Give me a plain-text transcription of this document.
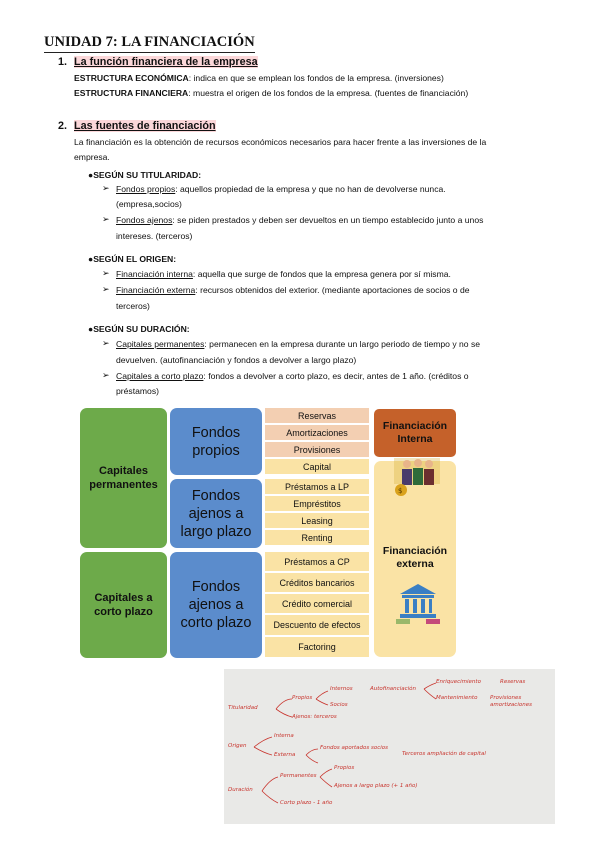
UNIDAD 7: LA FINANCIACIÓN
1. La función financiera de la empresa
ESTRUCTURA ECONÓMICA: indica en que se emplean los fondos de la empresa. (inversiones)
ESTRUCTURA FINANCIERA: muestra el origen de los fondos de la empresa. (fuentes de financiación)
2. Las fuentes de financiación
La financiación es la obtención de recursos económicos necesarios para hacer frente a las inversiones de la
empresa.
●SEGÚN SU TITULARIDAD:
➢ Fondos propios: aquellos propiedad de la empresa y que no han de devolverse nunca.
(empresa,socios)
➢ Fondos ajenos: se piden prestados y deben ser devueltos en un tiempo establecido junto a unos
intereses. (terceros)
●SEGÚN EL ORIGEN:
➢ Financiación interna: aquella que surge de fondos que la empresa genera por sí misma.
➢ Financiación externa: recursos obtenidos del exterior. (mediante aportaciones de socios o de
terceros)
●SEGÚN SU DURACIÓN:
➢ Capitales permanentes: permanecen en la empresa durante un largo periodo de tiempo y no se
devuelven. (autofinanciación y fondos a devolver a largo plazo)
➢ Capitales a corto plazo: fondos a devolver a corto plazo, es decir, antes de 1 año. (créditos o
préstamos)
Capitales permanentes
Capitales a corto plazo
Fondos propios
Fondos ajenos a largo plazo
Fondos ajenos a corto plazo
Reservas
Amortizaciones
Provisiones
Capital
Préstamos a LP
Empréstitos
Leasing
Renting
Préstamos a CP
Créditos bancarios
Crédito comercial
Descuento de efectos
Factoring
Financiación Interna
$
Financiación externa
Titularidad
Propios
Internos	Autofinanciación
Enriquecimiento	Reservas
Mantenimiento Provisiones amortizaciones
Socios
Ajenos: terceros
Origen
Interna
Externa
Fondos aportados socios
Terceros ampliación de capital
Duración
Permanentes
Propios
Ajenos a largo plazo (+ 1 año)
Corto plazo - 1 año
